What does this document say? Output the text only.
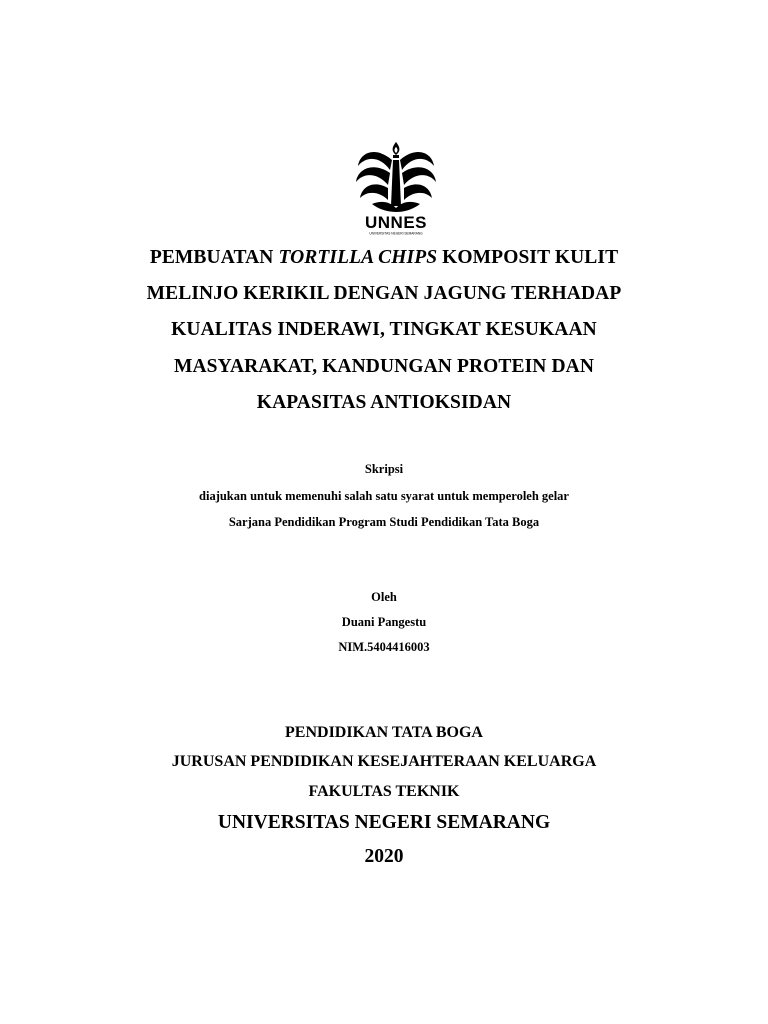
UNNES
UNIVERSITAS NEGERI SEMARANG
PEMBUATAN TORTILLA CHIPS KOMPOSIT KULIT
MELINJO KERIKIL DENGAN JAGUNG TERHADAP
KUALITAS INDERAWI, TINGKAT KESUKAAN
MASYARAKAT, KANDUNGAN PROTEIN DAN
KAPASITAS ANTIOKSIDAN
Skripsi
diajukan untuk memenuhi salah satu syarat untuk memperoleh gelar
Sarjana Pendidikan Program Studi Pendidikan Tata Boga
Oleh
Duani Pangestu
NIM.5404416003
PENDIDIKAN TATA BOGA
JURUSAN PENDIDIKAN KESEJAHTERAAN KELUARGA
FAKULTAS TEKNIK
UNIVERSITAS NEGERI SEMARANG
2020
